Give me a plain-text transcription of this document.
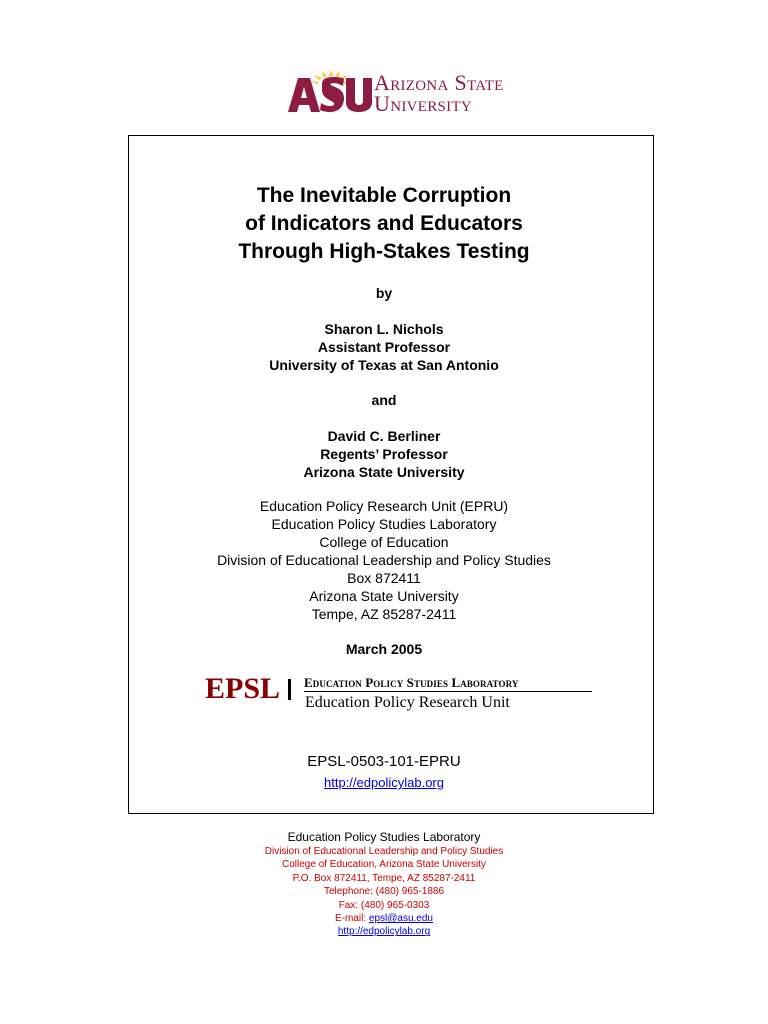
Arizona State
University
The Inevitable Corruption
of Indicators and Educators
Through High-Stakes Testing
by
Sharon L. Nichols
Assistant Professor
University of Texas at San Antonio
and
David C. Berliner
Regents’ Professor
Arizona State University
Education Policy Research Unit (EPRU)
Education Policy Studies Laboratory
College of Education
Division of Educational Leadership and Policy Studies
Box 872411
Arizona State University
Tempe, AZ 85287-2411
March 2005
EPSL Education Policy Studies Laboratory
Education Policy Research Unit
EPSL-0503-101-EPRU
http://edpolicylab.org
Education Policy Studies Laboratory
Division of Educational Leadership and Policy Studies
College of Education, Arizona State University
P.O. Box 872411, Tempe, AZ 85287-2411
Telephone: (480) 965-1886
Fax: (480) 965-0303
E-mail: epsl@asu.edu
http://edpolicylab.org
